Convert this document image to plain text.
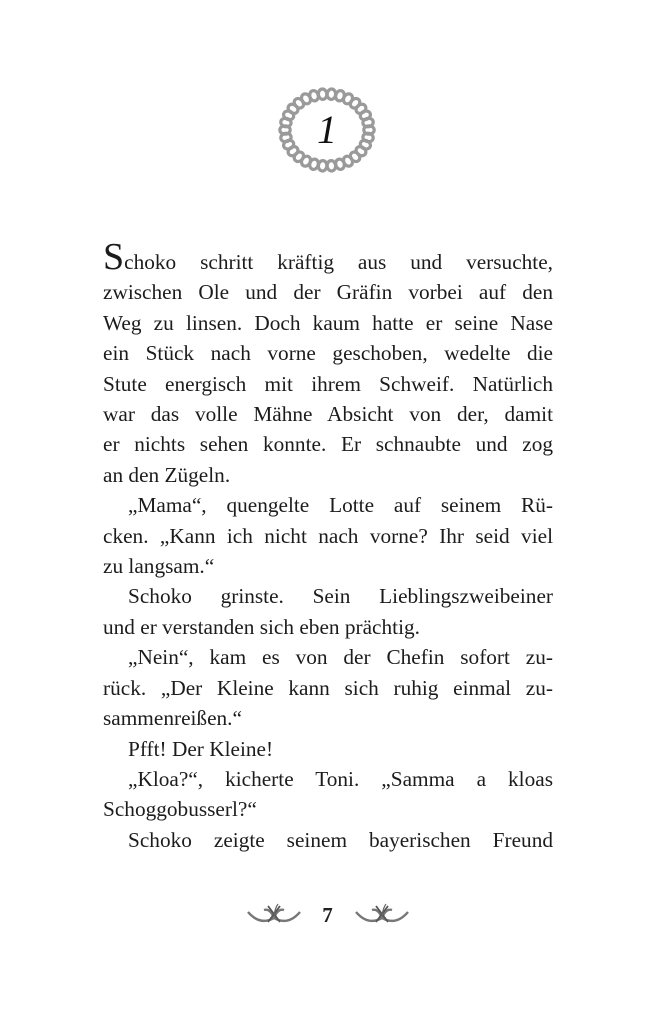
1
Schoko schritt kräftig aus und versuchte,
zwischen Ole und der Gräfin vorbei auf den
Weg zu linsen. Doch kaum hatte er seine Nase
ein Stück nach vorne geschoben, wedelte die
Stute energisch mit ihrem Schweif. Natürlich
war das volle Mähne Absicht von der, damit
er nichts sehen konnte. Er schnaubte und zog
an den Zügeln.
„Mama“, quengelte Lotte auf seinem Rü-
cken. „Kann ich nicht nach vorne? Ihr seid viel
zu langsam.“
Schoko grinste. Sein Lieblingszweibeiner
und er verstanden sich eben prächtig.
„Nein“, kam es von der Chefin sofort zu-
rück. „Der Kleine kann sich ruhig einmal zu-
sammenreißen.“
Pfft! Der Kleine!
„Kloa?“, kicherte Toni. „Samma a kloas
Schoggobusserl?“
Schoko zeigte seinem bayerischen Freund
7
